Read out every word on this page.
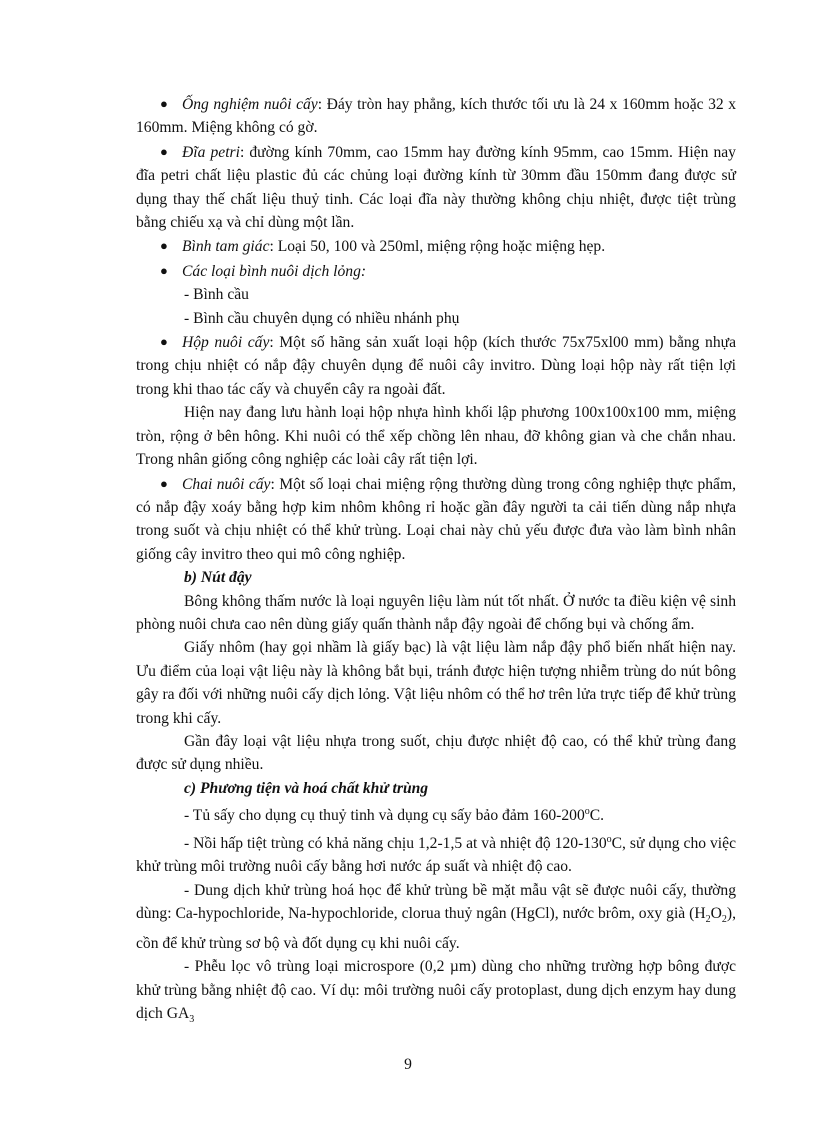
● Ống nghiệm nuôi cấy: Đáy tròn hay phẳng, kích thước tối ưu là 24 x 160mm hoặc 32 x 160mm. Miệng không có gờ.

● Đĩa petri: đường kính 70mm, cao 15mm hay đường kính 95mm, cao 15mm. Hiện nay đĩa petri chất liệu plastic đủ các chủng loại đường kính từ 30mm đầu 150mm đang được sử dụng thay thế chất liệu thuỷ tinh. Các loại đĩa này thường không chịu nhiệt, được tiệt trùng bằng chiếu xạ và chỉ dùng một lần.

● Bình tam giác: Loại 50, 100 và 250ml, miệng rộng hoặc miệng hẹp.

● Các loại bình nuôi dịch lỏng:

- Bình cầu

- Bình cầu chuyên dụng có nhiều nhánh phụ

● Hộp nuôi cấy: Một số hãng sản xuất loại hộp (kích thước 75x75xl00 mm) bằng nhựa trong chịu nhiệt có nắp đậy chuyên dụng để nuôi cây invitro. Dùng loại hộp này rất tiện lợi trong khi thao tác cấy và chuyển cây ra ngoài đất.

Hiện nay đang lưu hành loại hộp nhựa hình khối lập phương 100x100x100 mm, miệng tròn, rộng ở bên hông. Khi nuôi có thể xếp chồng lên nhau, đỡ không gian và che chắn nhau. Trong nhân giống công nghiệp các loài cây rất tiện lợi.

● Chai nuôi cấy: Một số loại chai miệng rộng thường dùng trong công nghiệp thực phẩm, có nắp đậy xoáy bằng hợp kim nhôm không rỉ hoặc gần đây người ta cải tiến dùng nắp nhựa trong suốt và chịu nhiệt có thể khử trùng. Loại chai này chủ yếu được đưa vào làm bình nhân giống cây invitro theo qui mô công nghiệp.

b) Nút đậy

Bông không thấm nước là loại nguyên liệu làm nút tốt nhất. Ở nước ta điều kiện vệ sinh phòng nuôi chưa cao nên dùng giấy quấn thành nắp đậy ngoài để chống bụi và chống ẩm.

Giấy nhôm (hay gọi nhầm là giấy bạc) là vật liệu làm nắp đậy phổ biến nhất hiện nay. Ưu điểm của loại vật liệu này là không bắt bụi, tránh được hiện tượng nhiễm trùng do nút bông gây ra đối với những nuôi cấy dịch lỏng. Vật liệu nhôm có thể hơ trên lửa trực tiếp để khử trùng trong khi cấy.

Gần đây loại vật liệu nhựa trong suốt, chịu được nhiệt độ cao, có thể khử trùng đang được sử dụng nhiều.

c) Phương tiện và hoá chất khử trùng

- Tủ sấy cho dụng cụ thuỷ tinh và dụng cụ sấy bảo đảm 160-200$^o$C.

- Nồi hấp tiệt trùng có khả năng chịu 1,2-1,5 at và nhiệt độ 120-130$^o$C, sử dụng cho việc khử trùng môi trường nuôi cấy bằng hơi nước áp suất và nhiệt độ cao.

- Dung dịch khử trùng hoá học để khử trùng bề mặt mẫu vật sẽ được nuôi cấy, thường dùng: Ca-hypochloride, Na-hypochloride, clorua thuỷ ngân (HgCl), nước brôm, oxy già $(H_2O_2)$, cồn để khử trùng sơ bộ và đốt dụng cụ khi nuôi cấy.

- Phễu lọc vô trùng loại microspore (0,2 µm) dùng cho những trường hợp bông được khử trùng bằng nhiệt độ cao. Ví dụ: môi trường nuôi cấy protoplast, dung dịch enzym hay dung dịch $GA_3$

9
